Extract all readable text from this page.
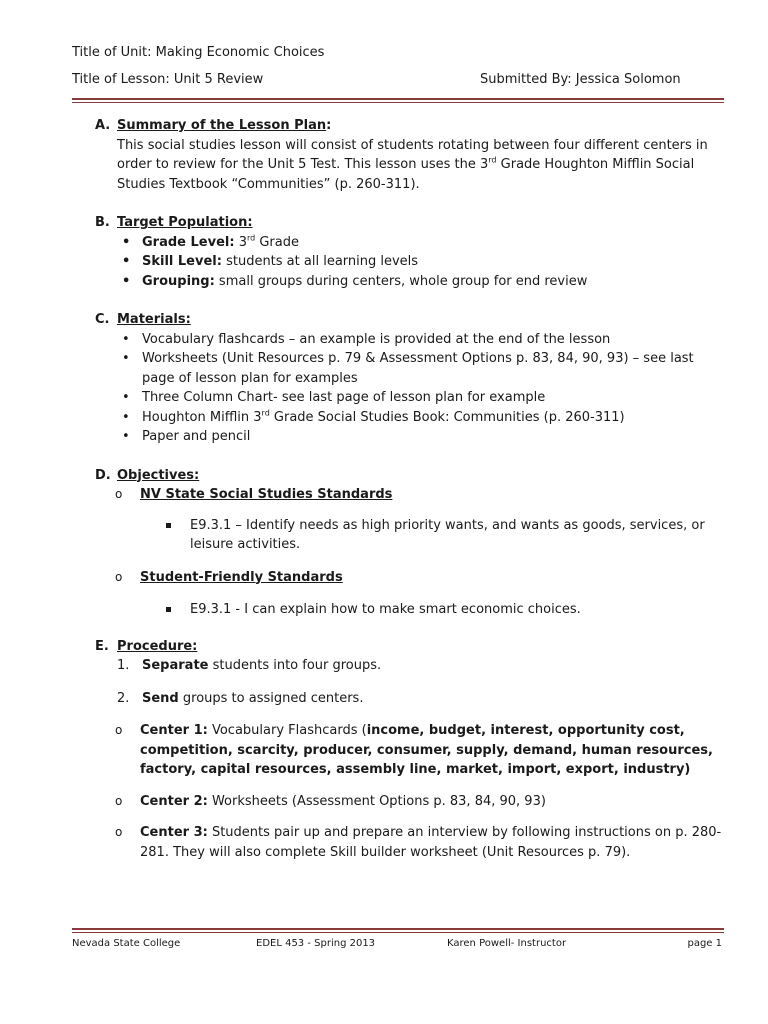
Title of Unit: Making Economic Choices
Title of Lesson: Unit 5 Review	Submitted By: Jessica Solomon
A. Summary of the Lesson Plan:

This social studies lesson will consist of students rotating between four different centers in order to review for the Unit 5 Test. This lesson uses the 3rd Grade Houghton Mifflin Social Studies Textbook “Communities” (p. 260-311).

B. Target Population:
• Grade Level: 3rd Grade
• Skill Level: students at all learning levels
• Grouping: small groups during centers, whole group for end review
C. Materials:
• Vocabulary flashcards – an example is provided at the end of the lesson
• Worksheets (Unit Resources p. 79 & Assessment Options p. 83, 84, 90, 93) – see last page of lesson plan for examples
• Three Column Chart- see last page of lesson plan for example
• Houghton Mifflin 3rd Grade Social Studies Book: Communities (p. 260-311)
• Paper and pencil
D. Objectives:
o NV State Social Studies Standards
E9.3.1 – Identify needs as high priority wants, and wants as goods, services, or leisure activities.
o Student-Friendly Standards
E9.3.1 - I can explain how to make smart economic choices.
E. Procedure:
1. Separate students into four groups.
2. Send groups to assigned centers.
o Center 1: Vocabulary Flashcards (income, budget, interest, opportunity cost, competition, scarcity, producer, consumer, supply, demand, human resources, factory, capital resources, assembly line, market, import, export, industry)
o Center 2: Worksheets (Assessment Options p. 83, 84, 90, 93)
o Center 3: Students pair up and prepare an interview by following instructions on p. 280-281. They will also complete Skill builder worksheet (Unit Resources p. 79).
Nevada State College	EDEL 453 - Spring 2013	Karen Powell- Instructor	page 1
